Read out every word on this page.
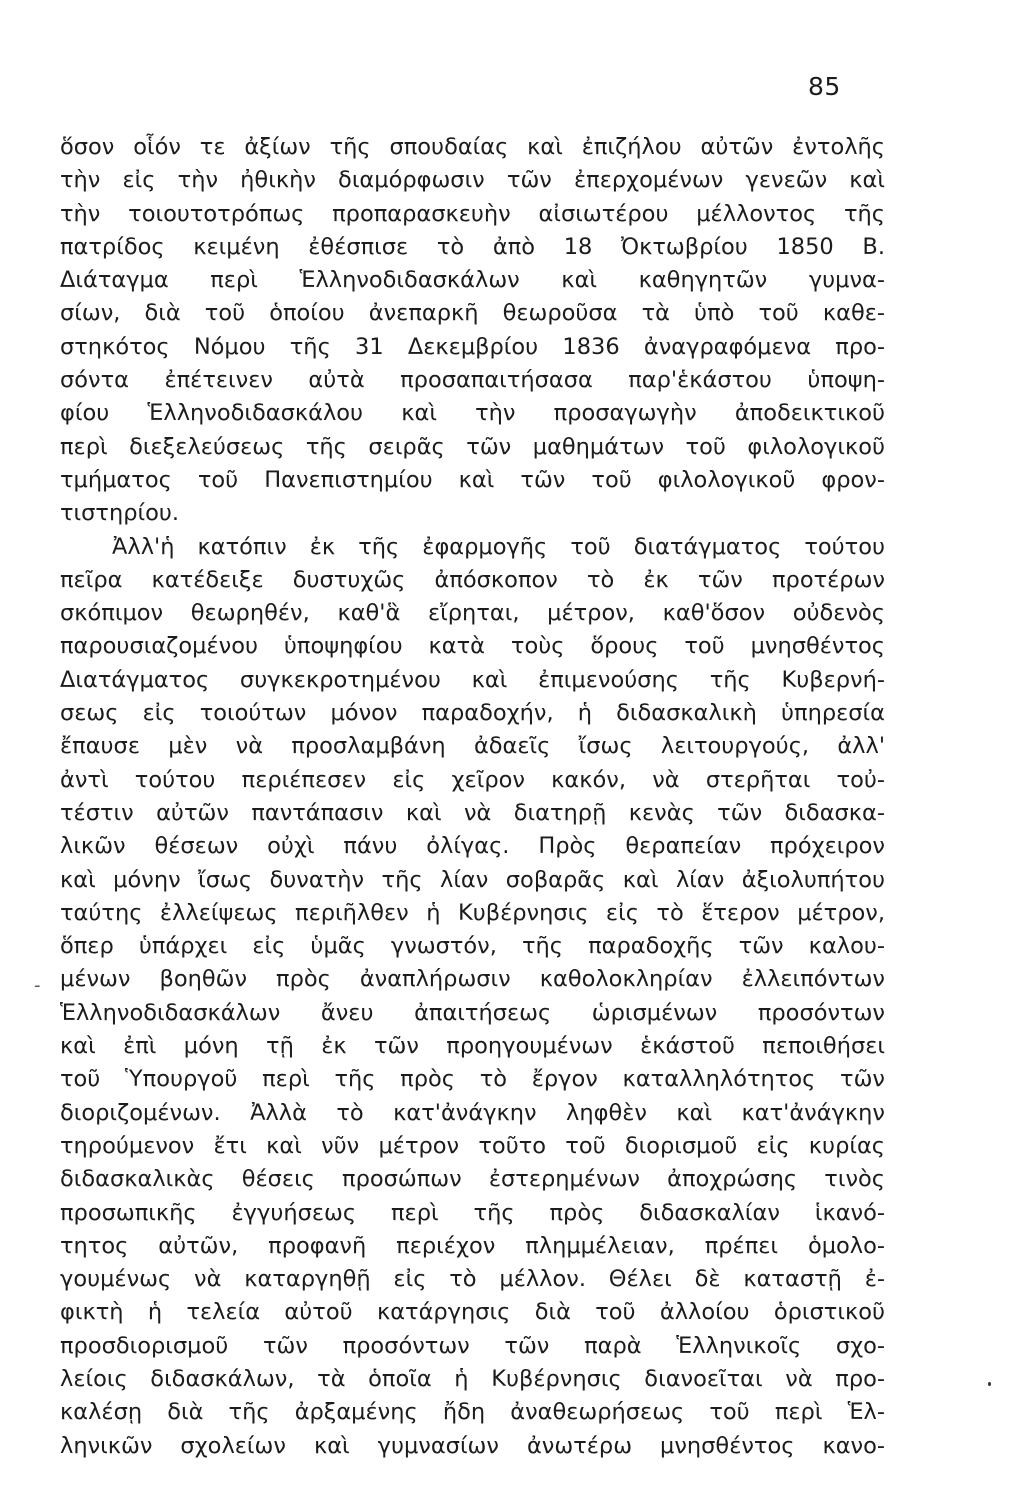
85
ὅσον οἷόν τε ἀξίων τῆς σπουδαίας καὶ ἐπιζήλου αὐτῶν ἐντολῆς
τὴν εἰς τὴν ἠθικὴν διαμόρφωσιν τῶν ἐπερχομένων γενεῶν καὶ
τὴν τοιουτοτρόπως προπαρασκευὴν αἰσιωτέρου μέλλοντος τῆς
πατρίδος κειμένη ἐθέσπισε τὸ ἀπὸ 18 Ὀκτωβρίου 1850 Β.
Διάταγμα περὶ Ἑλληνοδιδασκάλων καὶ καθηγητῶν γυμνα-
σίων, διὰ τοῦ ὁποίου ἀνεπαρκῆ θεωροῦσα τὰ ὑπὸ τοῦ καθε-
στηκότος Νόμου τῆς 31 Δεκεμβρίου 1836 ἀναγραφόμενα προ-
σόντα ἐπέτεινεν αὐτὰ προσαπαιτήσασα παρ'ἑκάστου ὑποψη-
φίου Ἑλληνοδιδασκάλου καὶ τὴν προσαγωγὴν ἀποδεικτικοῦ
περὶ διεξελεύσεως τῆς σειρᾶς τῶν μαθημάτων τοῦ φιλολογικοῦ
τμήματος τοῦ Πανεπιστημίου καὶ τῶν τοῦ φιλολογικοῦ φρον-
τιστηρίου.
Ἀλλ'ἡ κατόπιν ἐκ τῆς ἐφαρμογῆς τοῦ διατάγματος τούτου
πεῖρα κατέδειξε δυστυχῶς ἀπόσκοπον τὸ ἐκ τῶν προτέρων
σκόπιμον θεωρηθέν, καθ'ἃ εἴρηται, μέτρον, καθ'ὅσον οὐδενὸς
παρουσιαζομένου ὑποψηφίου κατὰ τοὺς ὅρους τοῦ μνησθέντος
Διατάγματος συγκεκροτημένου καὶ ἐπιμενούσης τῆς Κυβερνή-
σεως εἰς τοιούτων μόνον παραδοχήν, ἡ διδασκαλικὴ ὑπηρεσία
ἔπαυσε μὲν νὰ προσλαμβάνη ἀδαεῖς ἴσως λειτουργούς, ἀλλ'
ἀντὶ τούτου περιέπεσεν εἰς χεῖρον κακόν, νὰ στερῆται τοὐ-
τέστιν αὐτῶν παντάπασιν καὶ νὰ διατηρῇ κενὰς τῶν διδασκα-
λικῶν θέσεων οὐχὶ πάνυ ὀλίγας. Πρὸς θεραπείαν πρόχειρον
καὶ μόνην ἴσως δυνατὴν τῆς λίαν σοβαρᾶς καὶ λίαν ἀξιολυπήτου
ταύτης ἐλλείψεως περιῆλθεν ἡ Κυβέρνησις εἰς τὸ ἕτερον μέτρον,
ὅπερ ὑπάρχει εἰς ὑμᾶς γνωστόν, τῆς παραδοχῆς τῶν καλου-
μένων βοηθῶν πρὸς ἀναπλήρωσιν καθολοκληρίαν ἐλλειπόντων
Ἑλληνοδιδασκάλων ἄνευ ἀπαιτήσεως ὡρισμένων προσόντων
καὶ ἐπὶ μόνη τῇ ἐκ τῶν προηγουμένων ἑκάστοῦ πεποιθήσει
τοῦ Ὑπουργοῦ περὶ τῆς πρὸς τὸ ἔργον καταλληλότητος τῶν
διοριζομένων. Ἀλλὰ τὸ κατ'ἀνάγκην ληφθὲν καὶ κατ'ἀνάγκην
τηρούμενον ἔτι καὶ νῦν μέτρον τοῦτο τοῦ διορισμοῦ εἰς κυρίας
διδασκαλικὰς θέσεις προσώπων ἐστερημένων ἀποχρώσης τινὸς
προσωπικῆς ἐγγυήσεως περὶ τῆς πρὸς διδασκαλίαν ἱκανό-
τητος αὐτῶν, προφανῆ περιέχον πλημμέλειαν, πρέπει ὁμολο-
γουμένως νὰ καταργηθῇ εἰς τὸ μέλλον. Θέλει δὲ καταστῇ ἐ-
φικτὴ ἡ τελεία αὐτοῦ κατάργησις διὰ τοῦ ἀλλοίου ὁριστικοῦ
προσδιορισμοῦ τῶν προσόντων τῶν παρὰ Ἑλληνικοῖς σχο-
λείοις διδασκάλων, τὰ ὁποῖα ἡ Κυβέρνησις διανοεῖται νὰ προ-
καλέσῃ διὰ τῆς ἀρξαμένης ἤδη ἀναθεωρήσεως τοῦ περὶ Ἑλ-
ληνικῶν σχολείων καὶ γυμνασίων ἀνωτέρω μνησθέντος κανο-
-
